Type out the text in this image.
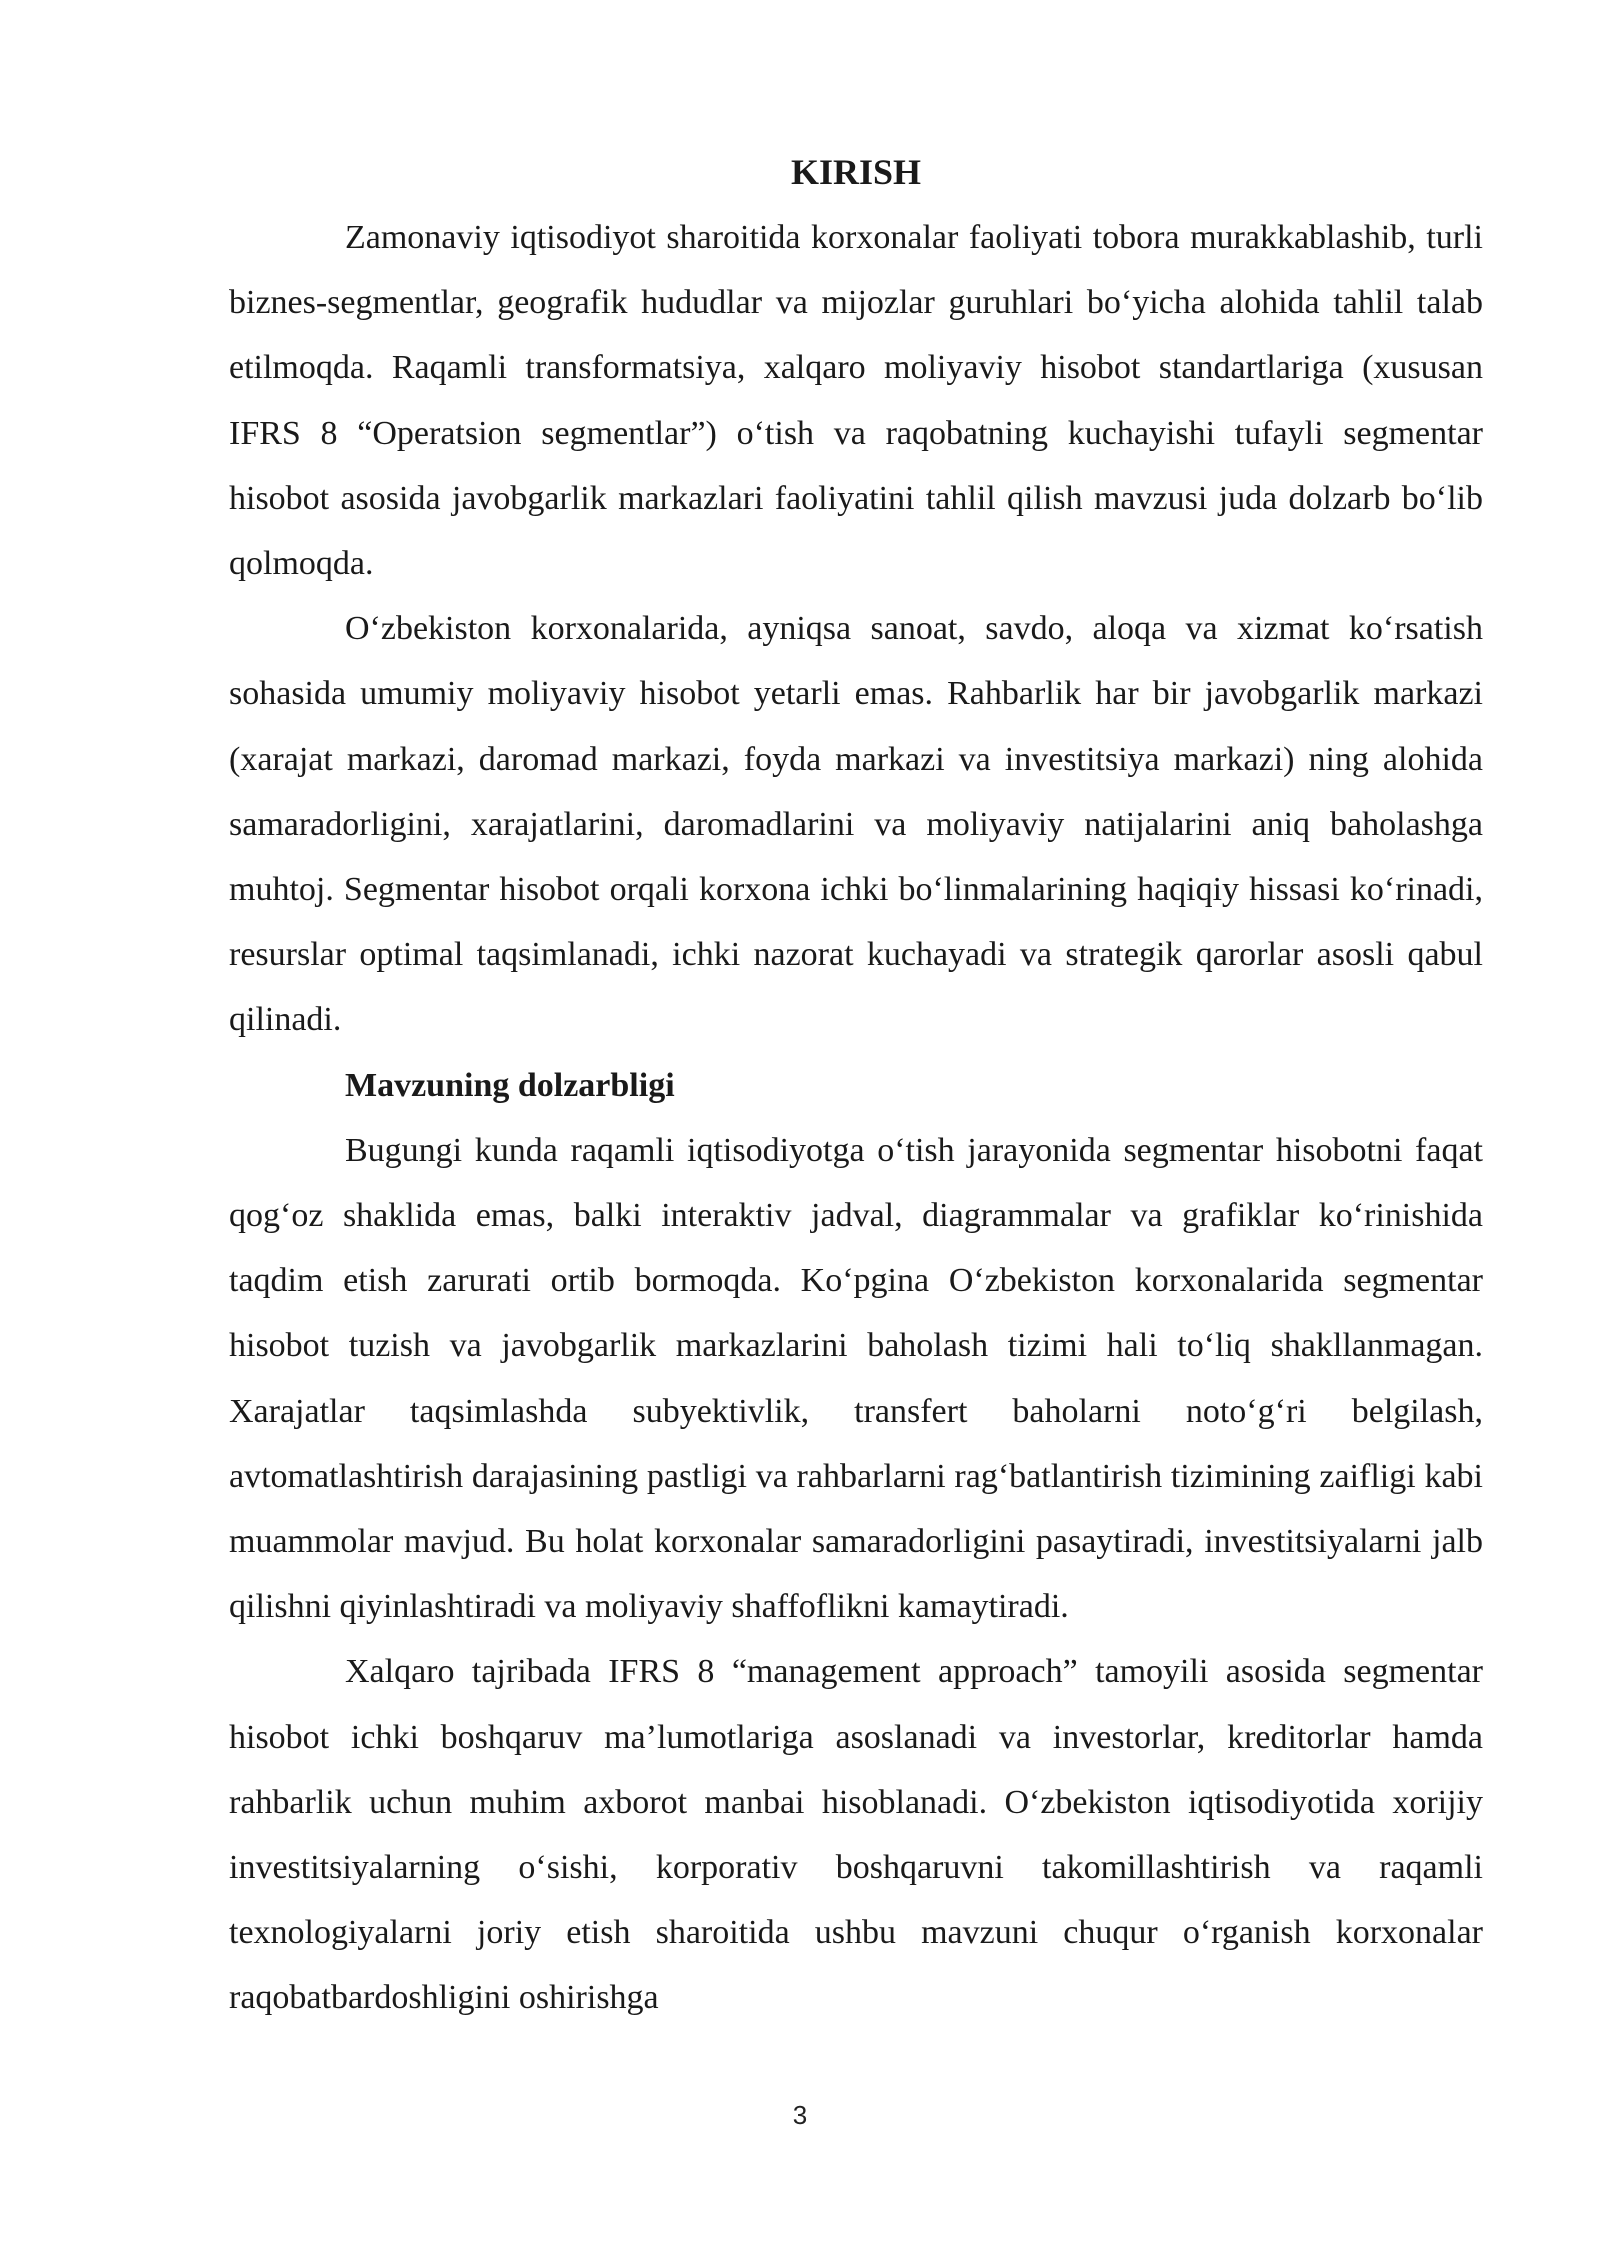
KIRISH

Zamonaviy iqtisodiyot sharoitida korxonalar faoliyati tobora murakkablashib, turli biznes-segmentlar, geografik hududlar va mijozlar guruhlari bo‘yicha alohida tahlil talab etilmoqda. Raqamli transformatsiya, xalqaro moliyaviy hisobot standartlariga (xususan IFRS 8 “Operatsion segmentlar”) o‘tish va raqobatning kuchayishi tufayli segmentar hisobot asosida javobgarlik markazlari faoliyatini tahlil qilish mavzusi juda dolzarb bo‘lib qolmoqda.

O‘zbekiston korxonalarida, ayniqsa sanoat, savdo, aloqa va xizmat ko‘rsatish sohasida umumiy moliyaviy hisobot yetarli emas. Rahbarlik har bir javobgarlik markazi (xarajat markazi, daromad markazi, foyda markazi va investitsiya markazi) ning alohida samaradorligini, xarajatlarini, daromadlarini va moliyaviy natijalarini aniq baholashga muhtoj. Segmentar hisobot orqali korxona ichki bo‘linmalarining haqiqiy hissasi ko‘rinadi, resurslar optimal taqsimlanadi, ichki nazorat kuchayadi va strategik qarorlar asosli qabul qilinadi.

Mavzuning dolzarbligi

Bugungi kunda raqamli iqtisodiyotga o‘tish jarayonida segmentar hisobotni faqat qog‘oz shaklida emas, balki interaktiv jadval, diagrammalar va grafiklar ko‘rinishida taqdim etish zarurati ortib bormoqda. Ko‘pgina O‘zbekiston korxonalarida segmentar hisobot tuzish va javobgarlik markazlarini baholash tizimi hali to‘liq shakllanmagan. Xarajatlar taqsimlashda subyektivlik, transfert baholarni noto‘g‘ri belgilash, avtomatlashtirish darajasining pastligi va rahbarlarni rag‘batlantirish tizimining zaifligi kabi muammolar mavjud. Bu holat korxonalar samaradorligini pasaytiradi, investitsiyalarni jalb qilishni qiyinlashtiradi va moliyaviy shaffoflikni kamaytiradi.

Xalqaro tajribada IFRS 8 “management approach” tamoyili asosida segmentar hisobot ichki boshqaruv ma’lumotlariga asoslanadi va investorlar, kreditorlar hamda rahbarlik uchun muhim axborot manbai hisoblanadi. O‘zbekiston iqtisodiyotida xorijiy investitsiyalarning o‘sishi, korporativ boshqaruvni takomillashtirish va raqamli texnologiyalarni joriy etish sharoitida ushbu mavzuni chuqur o‘rganish korxonalar raqobatbardoshligini oshirishga

3
